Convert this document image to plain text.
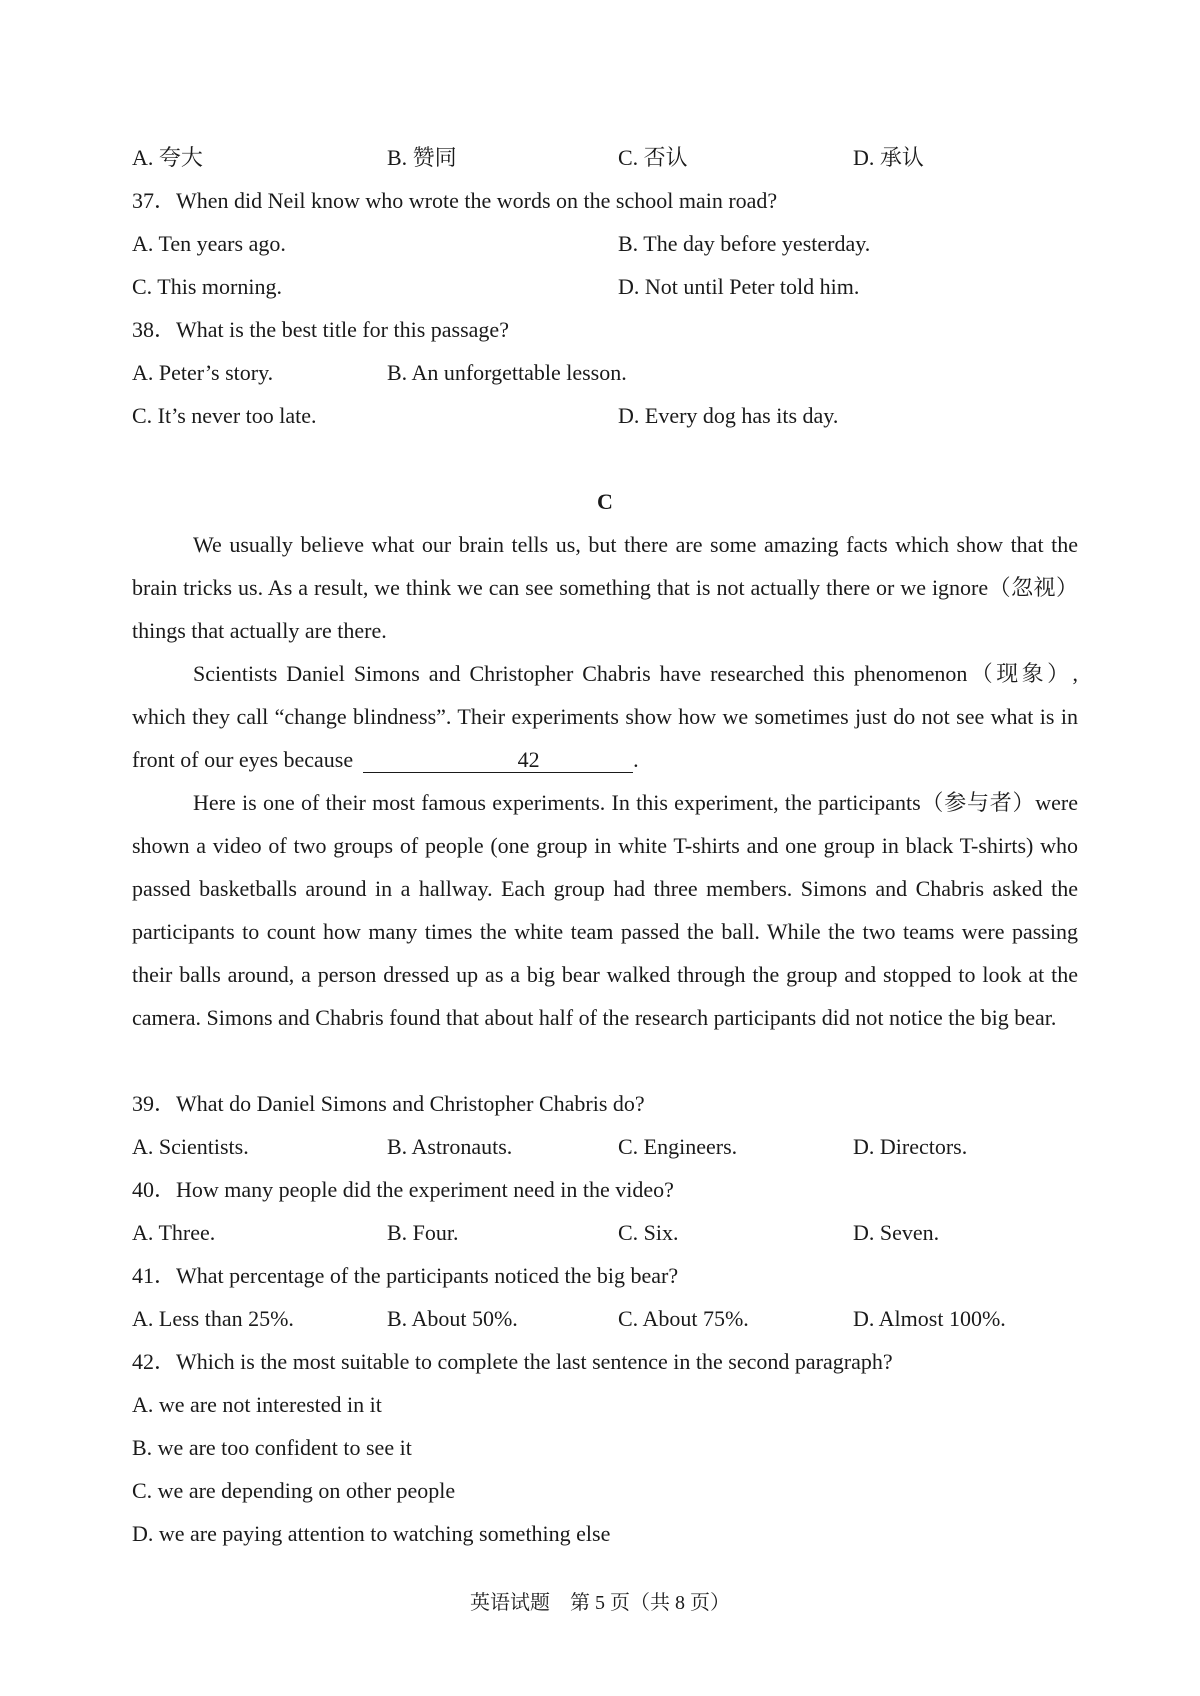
A. 夸大	B. 赞同	C. 否认	D. 承认
37．When did Neil know who wrote the words on the school main road?
A. Ten years ago.	B. The day before yesterday.
C. This morning.	D. Not until Peter told him.
38．What is the best title for this passage?
A. Peter’s story.	B. An unforgettable lesson.
C. It’s never too late.	D. Every dog has its day.
C

We usually believe what our brain tells us, but there are some amazing facts which show that the brain tricks us. As a result, we think we can see something that is not actually there or we ignore（忽视）things that actually are there.

Scientists Daniel Simons and Christopher Chabris have researched this phenomenon（现象）, which they call “change blindness”. Their experiments show how we sometimes just do not see what is in front of our eyes because	42	.

Here is one of their most famous experiments. In this experiment, the participants（参与者）were shown a video of two groups of people (one group in white T-shirts and one group in black T-shirts) who passed basketballs around in a hallway. Each group had three members. Simons and Chabris asked the participants to count how many times the white team passed the ball. While the two teams were passing their balls around, a person dressed up as a big bear walked through the group and stopped to look at the camera. Simons and Chabris found that about half of the research participants did not notice the big bear.

39．What do Daniel Simons and Christopher Chabris do?
A. Scientists.	B. Astronauts.	C. Engineers.	D. Directors.
40．How many people did the experiment need in the video?
A. Three.	B. Four.	C. Six.	D. Seven.
41．What percentage of the participants noticed the big bear?
A. Less than 25%.	B. About 50%.	C. About 75%.	D. Almost 100%.
42．Which is the most suitable to complete the last sentence in the second paragraph?
A. we are not interested in it
B. we are too confident to see it
C. we are depending on other people
D. we are paying attention to watching something else
英语试题　第 5 页（共 8 页）
